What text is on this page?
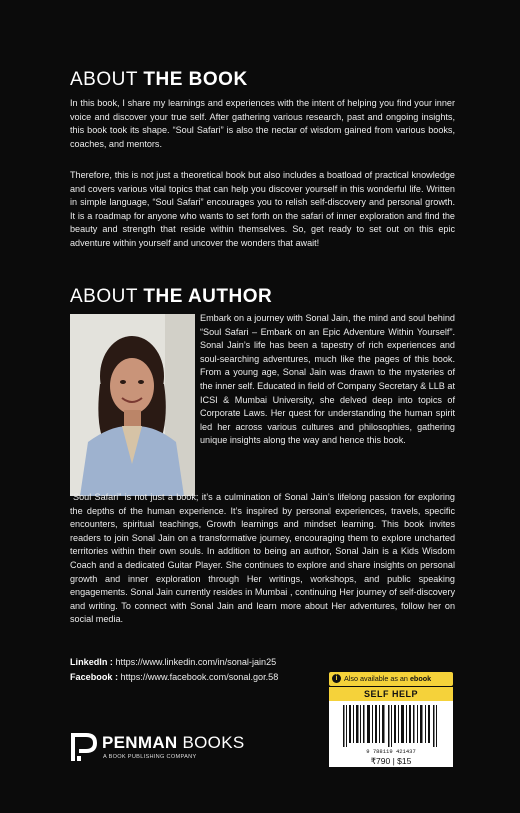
ABOUT THE BOOK
In this book, I share my learnings and experiences with the intent of helping you find your inner voice and discover your true self. After gathering various research, past and ongoing insights, this book took its shape. “Soul Safari” is also the nectar of wisdom gained from various books, coaches, and mentors.
Therefore, this is not just a theoretical book but also includes a boatload of practical knowledge and covers various vital topics that can help you discover yourself in this wonderful life. Written in simple language, “Soul Safari” encourages you to relish self-discovery and personal growth. It is a roadmap for anyone who wants to set forth on the safari of inner exploration and find the beauty and strength that reside within themselves. So, get ready to set out on this epic adventure within yourself and uncover the wonders that await!
ABOUT THE AUTHOR
Embark on a journey with Sonal Jain, the mind and soul behind “Soul Safari – Embark on an Epic Adventure Within Yourself”. Sonal Jain’s life has been a tapestry of rich experiences and soul-searching adventures, much like the pages of this book. From a young age, Sonal Jain was drawn to the mysteries of the inner self. Educated in field of Company Secretary & LLB at ICSI & Mumbai University, she delved deep into topics of Corporate Laws. Her quest for understanding the human spirit led her across various cultures and philosophies, gathering unique insights along the way and hence this book.
“Soul Safari” is not just a book; it’s a culmination of Sonal Jain’s lifelong passion for exploring the depths of the human experience. It’s inspired by personal experiences, travels, specific encounters, spiritual teachings, Growth learnings and mindset learning. This book invites readers to join Sonal Jain on a transformative journey, encouraging them to explore uncharted territories within their own souls. In addition to being an author, Sonal Jain is a Kids Wisdom Coach and a dedicated Guitar Player. She continues to explore and share insights on personal growth and inner exploration through Her writings, workshops, and public speaking engagements. Sonal Jain currently resides in Mumbai , continuing Her journey of self-discovery and writing. To connect with Sonal Jain and learn more about Her adventures, follow her on social media.
LinkedIn : https://www.linkedin.com/in/sonal-jain25
Facebook : https://www.facebook.com/sonal.gor.58
PENMAN BOOKS
A BOOK PUBLISHING COMPANY
i Also available as an ebook
SELF HELP
9 788119 421437
₹790 | $15
